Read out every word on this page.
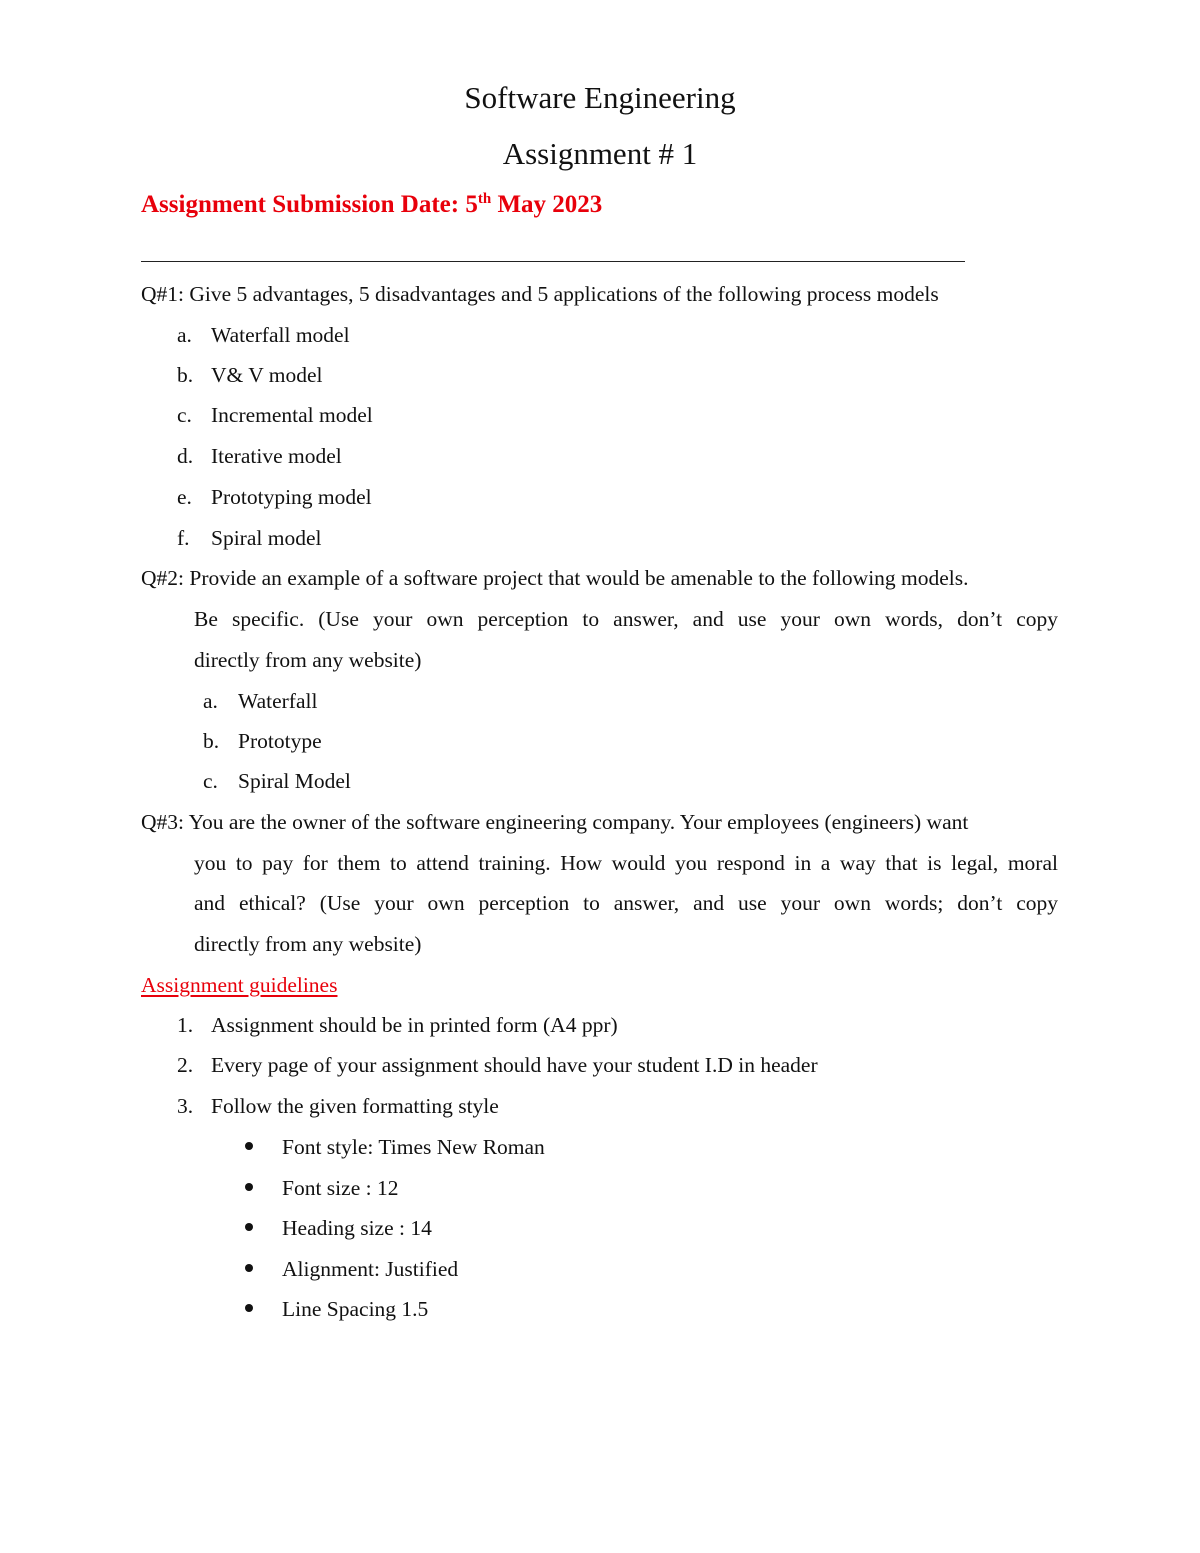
Software Engineering
Assignment # 1
Assignment Submission Date: 5th May 2023
Q#1: Give 5 advantages, 5 disadvantages and 5 applications of the following process models
a. Waterfall model
b. V& V model
c. Incremental model
d. Iterative model
e. Prototyping model
f. Spiral model
Q#2: Provide an example of a software project that would be amenable to the following models.
Be specific. (Use your own perception to answer, and use your own words, don’t copy
directly from any website)
a. Waterfall
b. Prototype
c. Spiral Model
Q#3: You are the owner of the software engineering company. Your employees (engineers) want
you to pay for them to attend training. How would you respond in a way that is legal, moral
and ethical? (Use your own perception to answer, and use your own words; don’t copy
directly from any website)
Assignment guidelines
1. Assignment should be in printed form (A4 ppr)
2. Every page of your assignment should have your student I.D in header
3. Follow the given formatting style
Font style: Times New Roman
Font size : 12
Heading size : 14
Alignment: Justified
Line Spacing 1.5
